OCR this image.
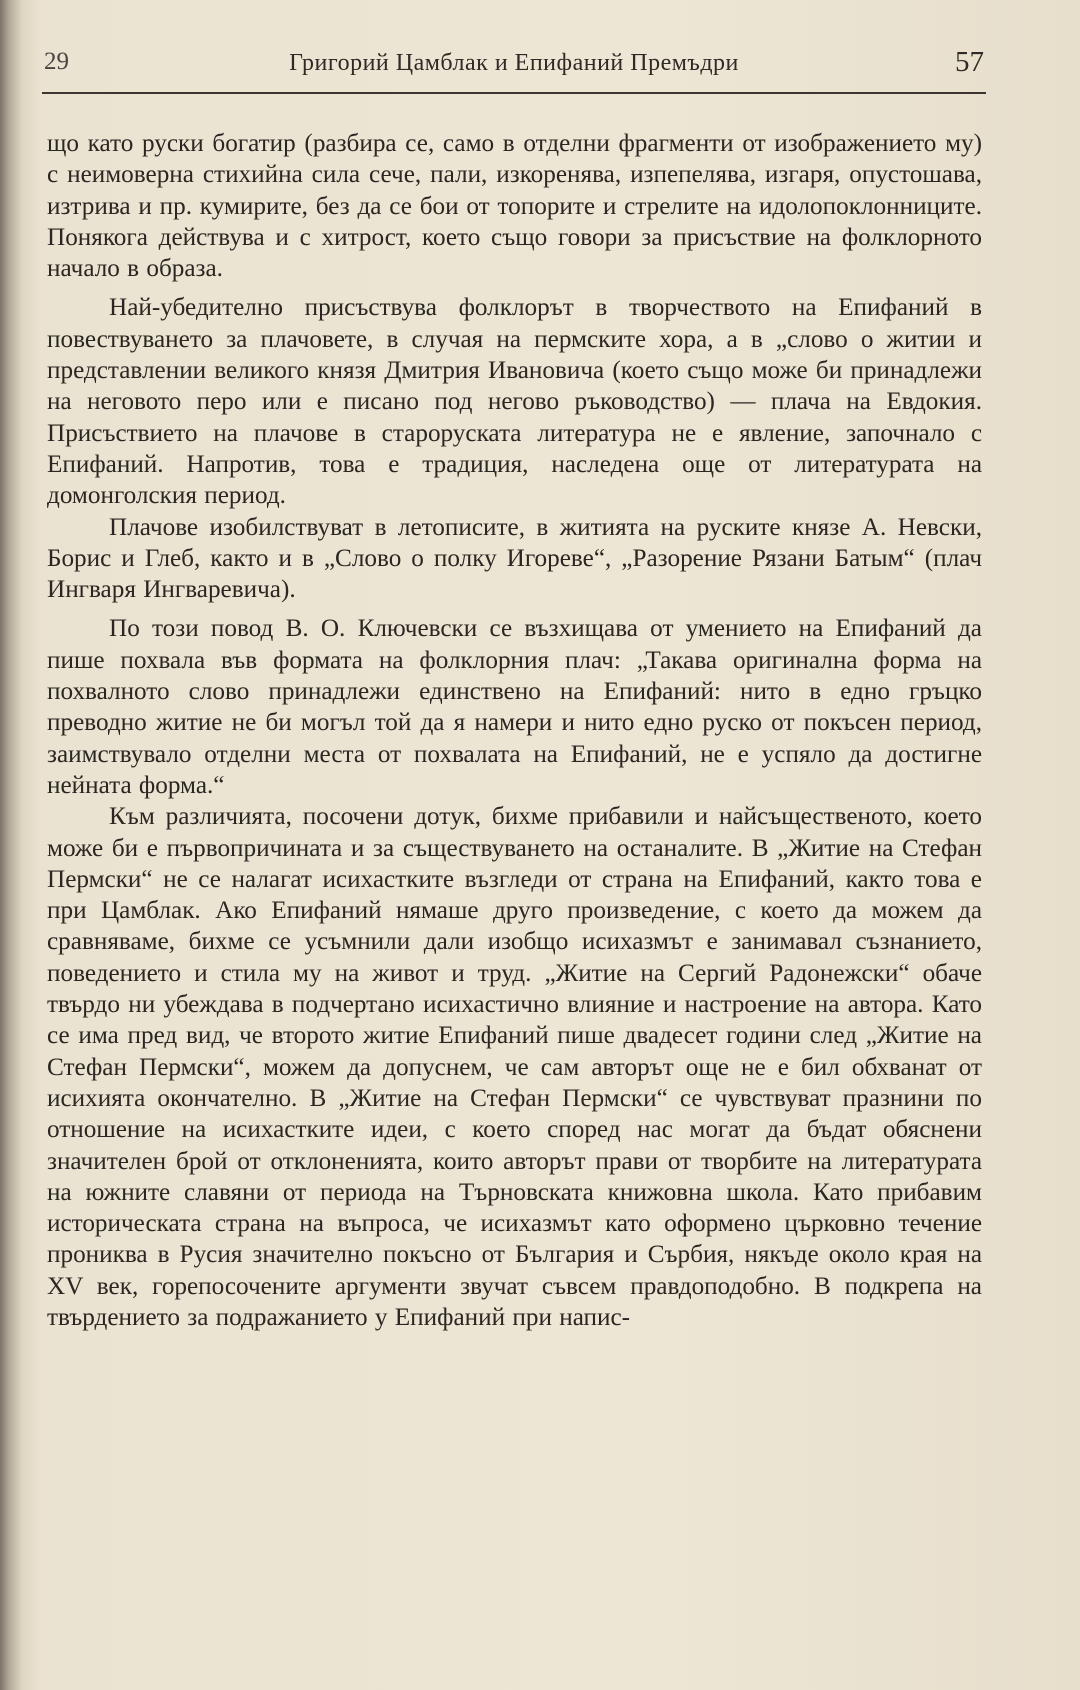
29	Григорий Цамблак и Епифаний Премъдри	57

що като руски богатир (разбира се, само в отделни фрагменти от изображението му) с неимоверна стихийна сила сече, пали, изкоренява, изпепелява, изгаря, опустошава, изтрива и пр. кумирите, без да се бои от топорите и стрелите на идолопоклонниците. Понякога действува и с хитрост, което също говори за присъствие на фолклорното начало в образа.

Най-убедително присъствува фолклорът в творчеството на Епифаний в повествуването за плачовете, в случая на пермските хора, а в „слово о житии и представлении великого князя Дмитрия Ивановича (което също може би принадлежи на неговото перо или е писано под негово ръководство) — плача на Евдокия. Присъствието на плачове в староруската литература не е явление, започнало с Епифаний. Напротив, това е традиция, наследена още от литературата на домонголския период.

Плачове изобилствуват в летописите, в житията на руските князе А. Невски, Борис и Глеб, както и в „Слово о полку Игореве“, „Разорение Рязани Батым“ (плач Ингваря Ингваревича).

По този повод В. О. Ключевски се възхищава от умението на Епифаний да пише похвала във формата на фолклорния плач: „Такава оригинална форма на похвалното слово принадлежи единствено на Епифаний: нито в едно гръцко преводно житие не би могъл той да я намери и нито едно руско от покъсен период, заимствувало отделни места от похвалата на Епифаний, не е успяло да достигне нейната форма.“

Към различията, посочени дотук, бихме прибавили и найсъщественото, което може би е първопричината и за съществуването на останалите. В „Житие на Стефан Пермски“ не се налагат исихастките възгледи от страна на Епифаний, както това е при Цамблак. Ако Епифаний нямаше друго произведение, с което да можем да сравняваме, бихме се усъмнили дали изобщо исихазмът е занимавал съзнанието, поведението и стила му на живот и труд. „Житие на Сергий Радонежски“ обаче твърдо ни убеждава в подчертано исихастично влияние и настроение на автора. Като се има пред вид, че второто житие Епифаний пише двадесет години след „Житие на Стефан Пермски“, можем да допуснем, че сам авторът още не е бил обхванат от исихията окончателно. В „Житие на Стефан Пермски“ се чувствуват празнини по отношение на исихастките идеи, с което според нас могат да бъдат обяснени значителен брой от отклоненията, които авторът прави от творбите на литературата на южните славяни от периода на Търновската книжовна школа. Като прибавим историческата страна на въпроса, че исихазмът като оформено църковно течение прониква в Русия значително покъсно от България и Сърбия, някъде около края на XV век, горепосочените аргументи звучат съвсем правдоподобно. В подкрепа на твърдението за подражанието у Епифаний при напис-
